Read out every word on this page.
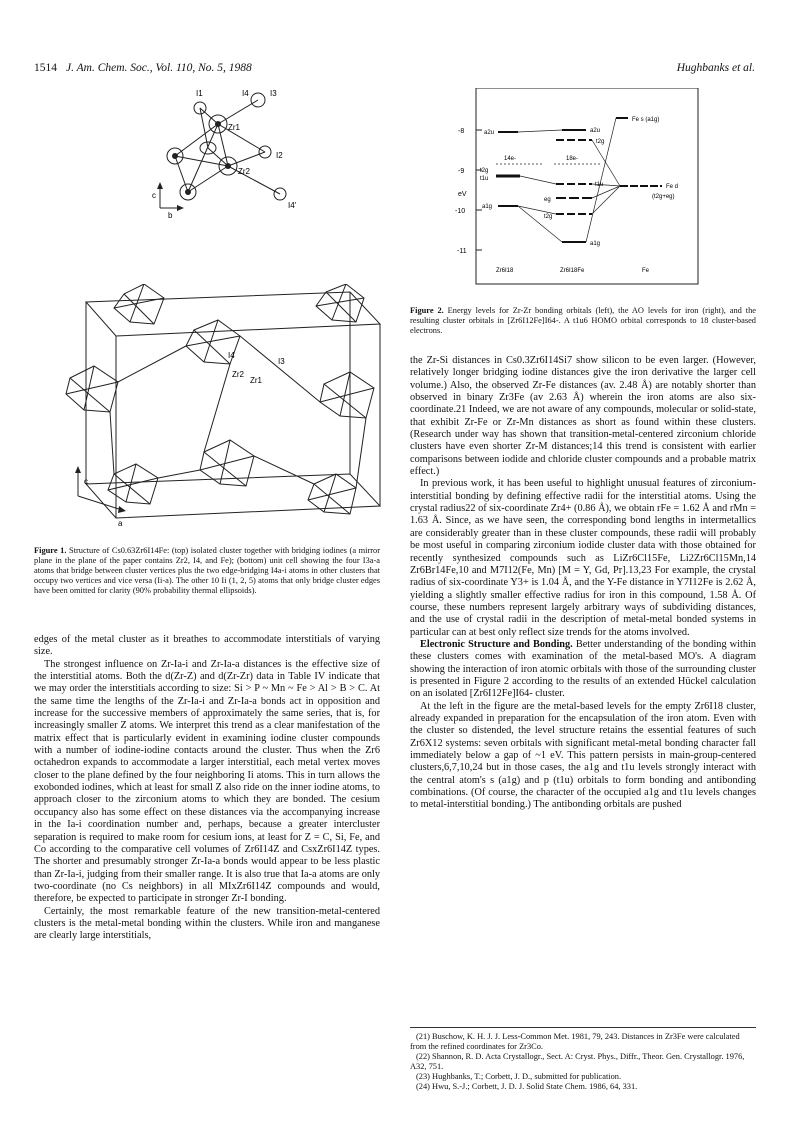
1514 J. Am. Chem. Soc., Vol. 110, No. 5, 1988	Hughbanks et al.
I1	I4	I3
Zr1
Zr2
I2
I4'
c
b
I4
Zr2
Zr1
I3
c
a
Figure 1. Structure of Cs0.63Zr6I14Fe: (top) isolated cluster together with bridging iodines (a mirror plane in the plane of the paper contains Zr2, I4, and Fe); (bottom) unit cell showing the four I3a-a atoms that bridge between cluster vertices plus the two edge-bridging I4a-i atoms in other clusters that occupy two vertices and vice versa (Ii-a). The other 10 Ii (1, 2, 5) atoms that only bridge cluster edges have been omitted for clarity (90% probability thermal ellipsoids).
-8
-9
-10
-11
eV
a2u
t2g
t1u
a1g
a2u
t2g
t1u
eg
t2g
a1g
Fe s (a1g)
Fe d
(t2g+eg)
14e-	18e-
Zr6I18	Zr6I18Fe	Fe
Figure 2. Energy levels for Zr-Zr bonding orbitals (left), the AO levels for iron (right), and the resulting cluster orbitals in [Zr6I12Fe]I64-. A t1u6 HOMO orbital corresponds to 18 cluster-based electrons.

edges of the metal cluster as it breathes to accommodate interstitials of varying size.

The strongest influence on Zr-Ia-i and Zr-Ia-a distances is the effective size of the interstitial atoms. Both the d(Zr-Z) and d(Zr-Zr) data in Table IV indicate that we may order the interstitials according to size: Si > P ~ Mn ~ Fe > Al > B > C. At the same time the lengths of the Zr-Ia-i and Zr-Ia-a bonds act in opposition and increase for the successive members of approximately the same series, that is, for increasingly smaller Z atoms. We interpret this trend as a clear manifestation of the matrix effect that is particularly evident in examining iodine cluster compounds with a number of iodine-iodine contacts around the cluster. Thus when the Zr6 octahedron expands to accommodate a larger interstitial, each metal vertex moves closer to the plane defined by the four neighboring Ii atoms. This in turn allows the exobonded iodines, which at least for small Z also ride on the inner iodine atoms, to approach closer to the zirconium atoms to which they are bonded. The cesium occupancy also has some effect on these distances via the accompanying increase in the Ia-i coordination number and, perhaps, because a greater intercluster separation is required to make room for cesium ions, at least for Z = C, Si, Fe, and Co according to the comparative cell volumes of Zr6I14Z and CsxZr6I14Z types. The shorter and presumably stronger Zr-Ia-a bonds would appear to be less plastic than Zr-Ia-i, judging from their smaller range. It is also true that Ia-a atoms are only two-coordinate (no Cs neighbors) in all MIxZr6I14Z compounds and would, therefore, be expected to participate in stronger Zr-I bonding.

Certainly, the most remarkable feature of the new transition-metal-centered clusters is the metal-metal bonding within the clusters. While iron and manganese are clearly large interstitials,

the Zr-Si distances in Cs0.3Zr6I14Si7 show silicon to be even larger. (However, relatively longer bridging iodine distances give the iron derivative the larger cell volume.) Also, the observed Zr-Fe distances (av. 2.48 Å) are notably shorter than observed in binary Zr3Fe (av 2.63 Å) wherein the iron atoms are also six-coordinate.21 Indeed, we are not aware of any compounds, molecular or solid-state, that exhibit Zr-Fe or Zr-Mn distances as short as found within these clusters. (Research under way has shown that transition-metal-centered zirconium chloride clusters have even shorter Zr-M distances;14 this trend is consistent with earlier comparisons between iodide and chloride cluster compounds and a probable matrix effect.)

In previous work, it has been useful to highlight unusual features of zirconium-interstitial bonding by defining effective radii for the interstitial atoms. Using the crystal radius22 of six-coordinate Zr4+ (0.86 Å), we obtain rFe = 1.62 Å and rMn = 1.63 Å. Since, as we have seen, the corresponding bond lengths in intermetallics are considerably greater than in these cluster compounds, these radii will probably be most useful in comparing zirconium iodide cluster data with those obtained for recently synthesized compounds such as LiZr6Cl15Fe, Li2Zr6Cl15Mn,14 Zr6Br14Fe,10 and M7I12(Fe, Mn) [M = Y, Gd, Pr].13,23 For example, the crystal radius of six-coordinate Y3+ is 1.04 Å, and the Y-Fe distance in Y7I12Fe is 2.62 Å, yielding a slightly smaller effective radius for iron in this compound, 1.58 Å. Of course, these numbers represent largely arbitrary ways of subdividing distances, and the use of crystal radii in the description of metal-metal bonded systems in particular can at best only reflect size trends for the atoms involved.

Electronic Structure and Bonding. Better understanding of the bonding within these clusters comes with examination of the metal-based MO's. A diagram showing the interaction of iron atomic orbitals with those of the surrounding cluster is presented in Figure 2 according to the results of an extended Hückel calculation on an isolated [Zr6I12Fe]I64- cluster.

At the left in the figure are the metal-based levels for the empty Zr6I18 cluster, already expanded in preparation for the encapsulation of the iron atom. Even with the cluster so distended, the level structure retains the essential features of such Zr6X12 systems: seven orbitals with significant metal-metal bonding character fall immediately below a gap of ~1 eV. This pattern persists in main-group-centered clusters,6,7,10,24 but in those cases, the a1g and t1u levels strongly interact with the central atom's s (a1g) and p (t1u) orbitals to form bonding and antibonding combinations. (Of course, the character of the occupied a1g and t1u levels changes to metal-interstitial bonding.) The antibonding orbitals are pushed

(21) Buschow, K. H. J. J. Less-Common Met. 1981, 79, 243. Distances in Zr3Fe were calculated from the refined coordinates for Zr3Co.
(22) Shannon, R. D. Acta Crystallogr., Sect. A: Cryst. Phys., Diffr., Theor. Gen. Crystallogr. 1976, A32, 751.
(23) Hughbanks, T.; Corbett, J. D., submitted for publication.
(24) Hwu, S.-J.; Corbett, J. D. J. Solid State Chem. 1986, 64, 331.
